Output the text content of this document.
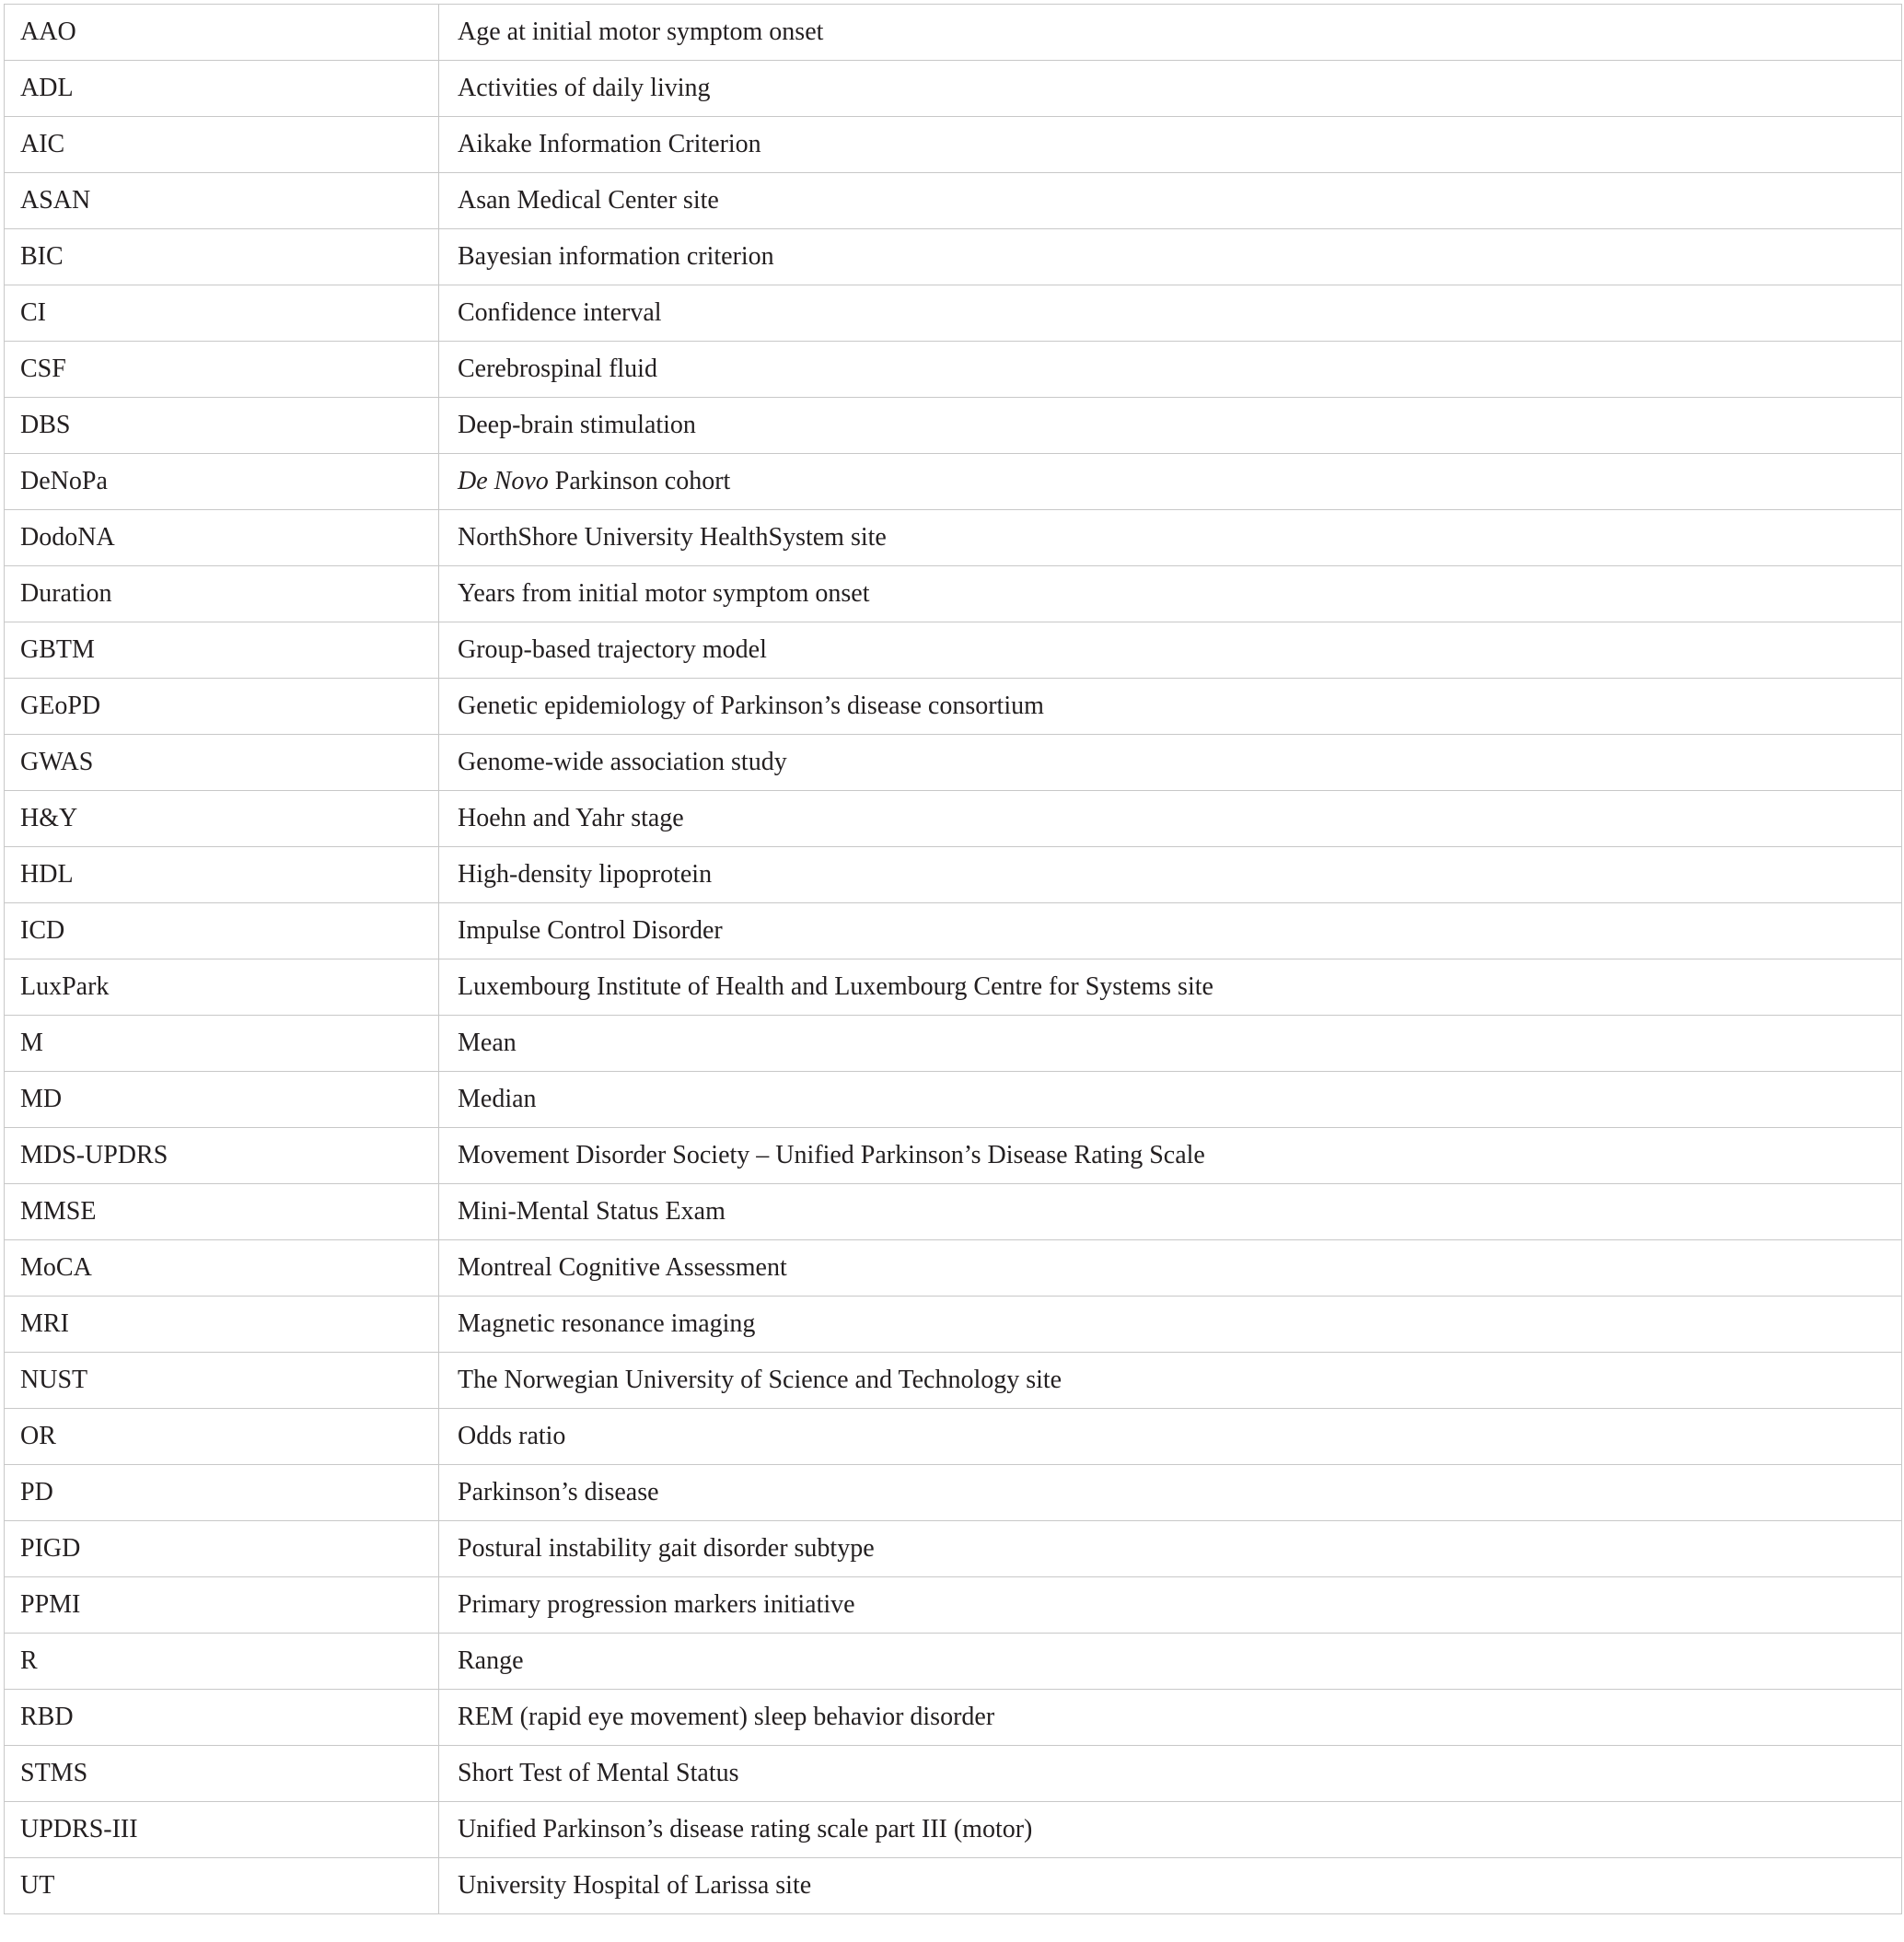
AAO	Age at initial motor symptom onset
ADL	Activities of daily living
AIC	Aikake Information Criterion
ASAN	Asan Medical Center site
BIC	Bayesian information criterion
CI	Confidence interval
CSF	Cerebrospinal fluid
DBS	Deep-brain stimulation
DeNoPa	De Novo Parkinson cohort
DodoNA	NorthShore University HealthSystem site
Duration	Years from initial motor symptom onset
GBTM	Group-based trajectory model
GEoPD	Genetic epidemiology of Parkinson’s disease consortium
GWAS	Genome-wide association study
H&Y	Hoehn and Yahr stage
HDL	High-density lipoprotein
ICD	Impulse Control Disorder
LuxPark	Luxembourg Institute of Health and Luxembourg Centre for Systems site
M	Mean
MD	Median
MDS-UPDRS	Movement Disorder Society – Unified Parkinson’s Disease Rating Scale
MMSE	Mini-Mental Status Exam
MoCA	Montreal Cognitive Assessment
MRI	Magnetic resonance imaging
NUST	The Norwegian University of Science and Technology site
OR	Odds ratio
PD	Parkinson’s disease
PIGD	Postural instability gait disorder subtype
PPMI	Primary progression markers initiative
R	Range
RBD	REM (rapid eye movement) sleep behavior disorder
STMS	Short Test of Mental Status
UPDRS-III	Unified Parkinson’s disease rating scale part III (motor)
UT	University Hospital of Larissa site
